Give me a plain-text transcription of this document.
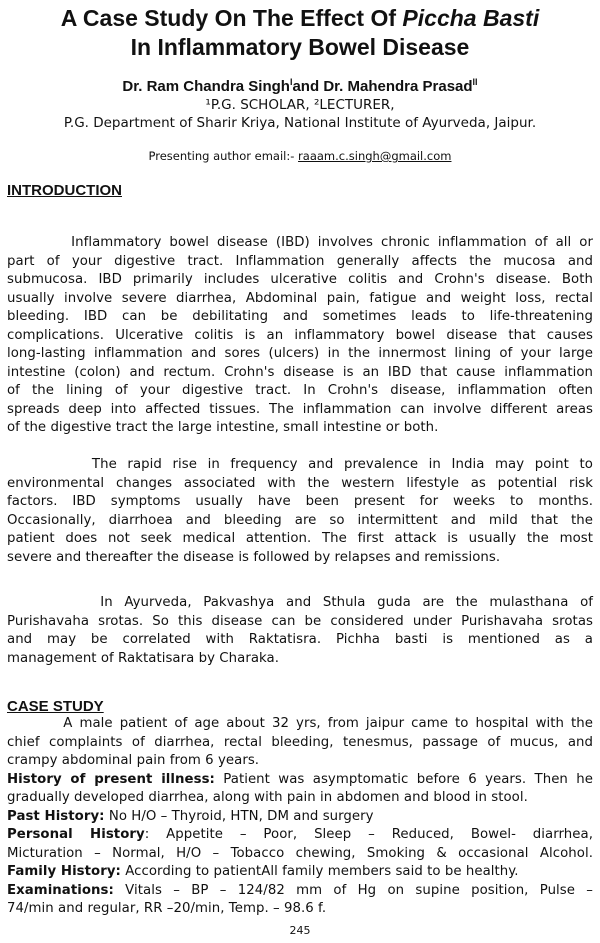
A Case Study On The Effect Of Piccha Basti
In Inflammatory Bowel Disease
Dr. Ram Chandra Singh$^I$and Dr. Mahendra Prasad$^{II}$
¹P.G. SCHOLAR, ²LECTURER,
P.G. Department of Sharir Kriya, National Institute of Ayurveda, Jaipur.
Presenting author email:- raaam.c.singh@gmail.com
INTRODUCTION
Inflammatory bowel disease (IBD) involves chronic inflammation of all or
part of your digestive tract. Inflammation generally affects the mucosa and
submucosa. IBD primarily includes ulcerative colitis and Crohn's disease. Both
usually involve severe diarrhea, Abdominal pain, fatigue and weight loss, rectal
bleeding. IBD can be debilitating and sometimes leads to life-threatening
complications. Ulcerative colitis is an inflammatory bowel disease that causes
long-lasting inflammation and sores (ulcers) in the innermost lining of your large
intestine (colon) and rectum. Crohn's disease is an IBD that cause inflammation
of the lining of your digestive tract. In Crohn's disease, inflammation often
spreads deep into affected tissues. The inflammation can involve different areas
of the digestive tract the large intestine, small intestine or both.
The rapid rise in frequency and prevalence in India may point to
environmental changes associated with the western lifestyle as potential risk
factors. IBD symptoms usually have been present for weeks to months.
Occasionally, diarrhoea and bleeding are so intermittent and mild that the
patient does not seek medical attention. The first attack is usually the most
severe and thereafter the disease is followed by relapses and remissions.
In Ayurveda, Pakvashya and Sthula guda are the mulasthana of
Purishavaha srotas. So this disease can be considered under Purishavaha srotas
and may be correlated with Raktatisra. Pichha basti is mentioned as a
management of Raktatisara by Charaka.
CASE STUDY
A male patient of age about 32 yrs, from jaipur came to hospital with the
chief complaints of diarrhea, rectal bleeding, tenesmus, passage of mucus, and
crampy abdominal pain from 6 years.
History of present illness: Patient was asymptomatic before 6 years. Then he
gradually developed diarrhea, along with pain in abdomen and blood in stool.
Past History: No H/O – Thyroid, HTN, DM and surgery
Personal History: Appetite – Poor, Sleep – Reduced, Bowel- diarrhea,
Micturation – Normal, H/O – Tobacco chewing, Smoking & occasional Alcohol.
Family History: According to patientAll family members said to be healthy.
Examinations: Vitals – BP – 124/82 mm of Hg on supine position, Pulse –
74/min and regular, RR –20/min, Temp. – 98.6 f.
245
